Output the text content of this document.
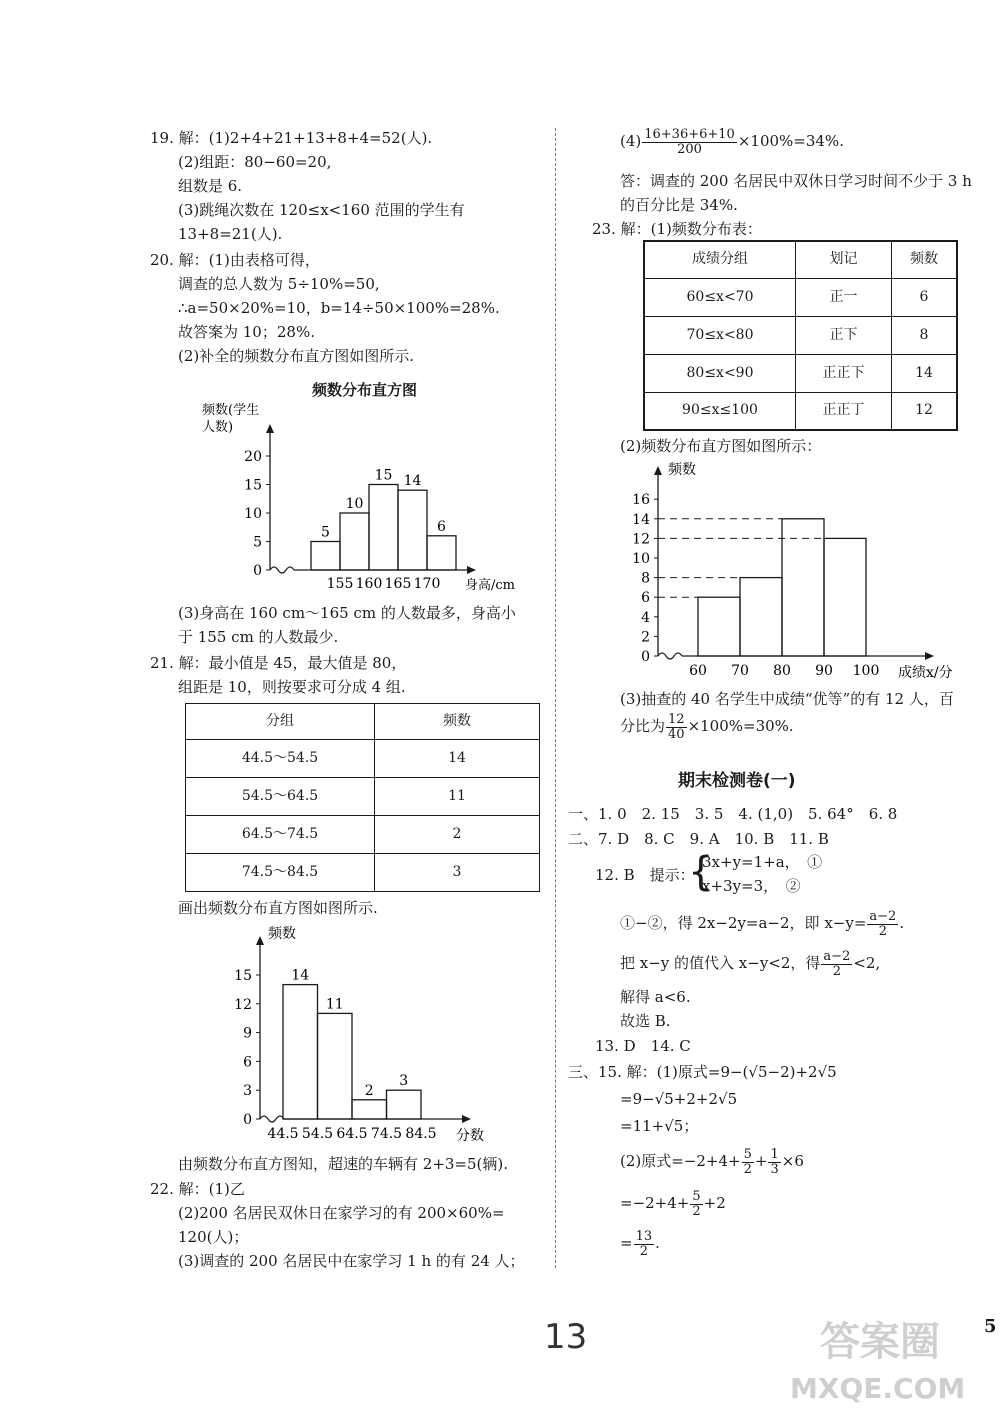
19. 解：(1)2+4+21+13+8+4=52(人).
(2)组距：80−60=20,
组数是 6.
(3)跳绳次数在 120≤x<160 范围的学生有
13+8=21(人).
20. 解：(1)由表格可得，
调查的总人数为 5÷10%=50,
∴a=50×20%=10，b=14÷50×100%=28%.
故答案为 10；28%.
(2)补全的频数分布直方图如图所示.
频数分布直方图
0
5
10
15
20
5
10
15 14
6
155 160 165 170
频数(学生
人数)
身高/cm
(3)身高在 160 cm～165 cm 的人数最多，身高小
于 155 cm 的人数最少.
21. 解：最小值是 45，最大值是 80，
组距是 10，则按要求可分成 4 组.
分组	频数
44.5～54.5	14
54.5～64.5	11
64.5～74.5	2
74.5～84.5	3
画出频数分布直方图如图所示.
0
3
6
9
12
15	14
11
2
3
44.5 54.5 64.5 74.5 84.5
频数
分数
由频数分布直方图知，超速的车辆有 2+3=5(辆).
22. 解：(1)乙
(2)200 名居民双休日在家学习的有 200×60%=
120(人)；
(3)调查的 200 名居民中在家学习 1 h 的有 24 人；
$(4) \frac{16+36+6+10}{200} \times 100\%=34\%$.
答：调查的 200 名居民中双休日学习时间不少于 3 h
的百分比是 34%.
23. 解：(1)频数分布表：
成绩分组	划记	频数
60≤x<70	正一	6
70≤x<80	正下	8
80≤x<90	正正下	14
90≤x≤100	正正丁	12
(2)频数分布直方图如图所示：
0
2
4
6
8
10
12
14
16
60 70 80 90 100
频数
成绩x/分
(3)抽查的 40 名学生中成绩“优等”的有 12 人，百
分比为 $\frac{12}{40} \times 100\%=30\%$.
期末检测卷(一)
一、1. 0　2. 15　3. 5　4. (1,0)　5. 64°　6. 8
二、7. D　8. C　9. A　10. B　11. B
12. B　提示：
{
3x+y=1+a，　①
x+3y=3，　②
①−②，得 2x−2y=a−2，即 $x-y= \frac{a-2}{2}$ .
把 x−y 的值代入 x−y<2，得 $\frac{a-2}{2} <2$,
解得 a<6.
故选 B.
13. D　14. C
三、15. 解：(1)原式=9−(√5−2)+2√5
=9−√5+2+2√5
=11+√5；
(2)原式$=-2+4+ \frac{5}{2} + \frac{1}{3} \times 6$
$=-2+4+ \frac{5}{2} +2$
= $\frac{13}{2}$ .
13	5
答案圈
MXQE.COM
